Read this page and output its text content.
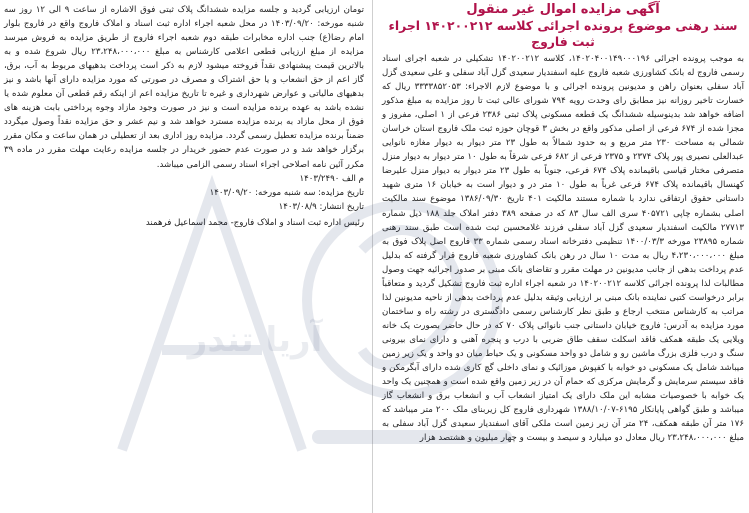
آگهی مزایده اموال غیر منقول

سند رهنی موضوع پرونده اجرائی کلاسه ۱۴۰۲۰۰۲۱۲ اجراء ثبت فاروج

به موجب پرونده اجرائی ۱۴۰۲۰۴۰۰۱۴۹۰۰۰۱۹۶، کلاسه ۱۴۰۲۰۰۲۱۲ تشکیلی در شعبه اجرای اسناد رسمی فاروج له بانک کشاورزی شعبه فاروج علیه اسفندیار سعیدی گزل آباد سفلی و علی سعیدی گزل آباد سفلی بعنوان راهن و مدیونین پرونده اجرائی و با موضوع لازم الاجراء: ۳۳۳۳۸۵۲۰۵۳ ریال که خسارت تاخیر روزانه نیز مطابق رای وحدت رویه ۷۹۴ شورای عالی ثبت تا روز مزایده به مبلغ مذکور اضافه خواهد شد بدینوسیله ششدانگ یک قطعه مسکونی پلاک ثبتی ۲۳۸۶ فرعی از ۱ اصلی، مفروز و مجزا شده از ۶۷۴ فرعی از اصلی مذکور واقع در بخش ۳ قوچان حوزه ثبت ملک فاروج استان خراسان شمالی به مساحت ۲۳۰ متر مربع و به حدود شمالاً به طول ۲۳ متر دیوار به دیوار مغازه نانوایی عبدالعلی نصیری پور پلاک ۲۳۷۴ و ۲۳۷۵ فرعی از ۶۸۲ فرعی شرقاً به طول ۱۰ متر دیوار به دیوار منزل متصرفی مختار قیاسی باقیمانده پلاک ۶۷۴ فرعی، جنوباً به طول ۲۳ متر دیوار به دیوار منزل علیرضا کهنسال باقیمانده پلاک ۶۷۴ فرعی غرباً به طول ۱۰ متر در و دیوار است به خیابان ۱۶ متری شهید داستانی حقوق ارتفاقی ندارد با شماره مستند مالکیت ۴۰۱ تاریخ ۱۳۸۶/۰۹/۳۰ موضوع سند مالکیت اصلی بشماره چاپی ۴۰۵۷۲۱ سری الف سال ۸۳ که در صفحه ۳۸۹ دفتر املاک جلد ۱۸۸ ذیل شماره ۲۷۷۱۳ مالکیت اسفندیار سعیدی گزل آباد سفلی فرزند غلامحسین ثبت شده است طبق سند رهنی شماره ۲۳۸۹۵ مورخه ۱۴۰۰/۰۳/۳ تنظیمی دفترخانه اسناد رسمی شماره ۳۳ فاروج اصل پلاک فوق به مبلغ ۴،۲۳۰،۰۰۰،۰۰۰ ریال به مدت ۱۰ سال در رهن بانک کشاورزی شعبه فاروج قرار گرفته که بدلیل عدم پرداخت بدهی از جانب مدیونین در مهلت مقرر و تقاضای بانک مبنی بر صدور اجرائیه جهت وصول مطالبات لذا پرونده اجرائی کلاسه ۱۴۰۲۰۰۲۱۲ در شعبه اجراء اداره ثبت فاروج تشکیل گردید و متعاقباً برابر درخواست کتبی نماینده بانک مبنی بر ارزیابی وثیقه بدلیل عدم پرداخت بدهی از ناحیه مدیونین لذا مراتب به کارشناس منتخب ارجاع و طبق نظر کارشناس رسمی دادگستری در رشته راه و ساختمان مورد مزایده به آدرس: فاروج خیابان داستانی جنب نانوائی پلاک ۷۰ که در حال حاضر بصورت یک خانه ویلایی یک طبقه همکف فاقد اسکلت سقف طاق ضربی با درب و پنجره آهنی و دارای نمای بیرونی سنگ و درب فلزی بزرگ ماشین رو و شامل دو واحد مسکونی و یک حیاط میان دو واحد و یک زیر زمین میباشد شامل یک مسکونی دو خوابه با کفپوش موزائیک و نمای داخلی گچ کاری شده دارای آبگرمکن و فاقد سیستم سرمایش و گرمایش مرکزی که حمام آن در زیر زمین واقع شده است و همچنین یک واحد یک خوابه با خصوصیات مشابه این ملک دارای یک امتیاز انشعاب آب و انشعاب برق و انشعاب گاز میباشد و طبق گواهی پایانکار ۶۱۹۵-۱۳۸۸/۱۰/۰۷ شهرداری فاروج کل زیربنای ملک ۲۰۰ متر میباشد که ۱۷۶ متر آن طبقه همکف، ۲۴ متر آن زیر زمین است ملکی آقای اسفندیار سعیدی گزل آباد سفلی به مبلغ ۲۳،۲۴۸،۰۰۰،۰۰۰ ریال معادل دو میلیارد و سیصد و بیست و چهار میلیون و هشتصد هزار

تومان ارزیابی گردید و جلسه مزایده ششدانگ پلاک ثبتی فوق الاشاره از ساعت ۹ الی ۱۲ روز سه شنبه مورخه: ۱۴۰۳/۰۹/۲۰ در محل شعبه اجراء اداره ثبت اسناد و املاک فاروج واقع در فاروج بلوار امام رضا(ع) جنب اداره مخابرات طبقه دوم شعبه اجراء فاروج از طریق مزایده به فروش میرسد مزایده از مبلغ ارزیابی قطعی اعلامی کارشناس به مبلغ ۲۳،۲۴۸،۰۰۰،۰۰۰ ریال شروع شده و به بالاترین قیمت پیشنهادی نقداً فروخته میشود لازم به ذکر است پرداخت بدهیهای مربوط به آب، برق، گاز اعم از حق انشعاب و یا حق اشتراک و مصرف در صورتی که مورد مزایده دارای آنها باشد و نیز بدهیهای مالیاتی و عوارض شهرداری و غیره تا تاریخ مزایده اعم از اینکه رقم قطعی آن معلوم شده یا نشده باشد به عهده برنده مزایده است و نیز در صورت وجود مازاد وجوه پرداختی بابت هزینه های فوق از محل مازاد به برنده مزایده مسترد خواهد شد و نیم عشر و حق مزایده نقداً وصول میگردد ضمناً برنده مزایده تعطیل رسمی گردد. مزایده روز اداری بعد از تعطیلی در همان ساعت و مکان مقرر برگزار خواهد شد و در صورت عدم حضور خریدار در جلسه مزایده رعایت مهلت مقرر در ماده ۳۹ مکرر آئین نامه اصلاحی اجراء اسناد رسمی الزامی میباشد.

م الف ۱۴۰۳/۲۴۹۰
تاریخ مزایده: سه شنبه مورخه: ۱۴۰۳/۰۹/۲۰
تاریخ انتشار: ۱۴۰۳/۰۸/۹
رئیس اداره ثبت اسناد و املاک فاروج- محمد اسماعیل فرهمند
آریا تندر
